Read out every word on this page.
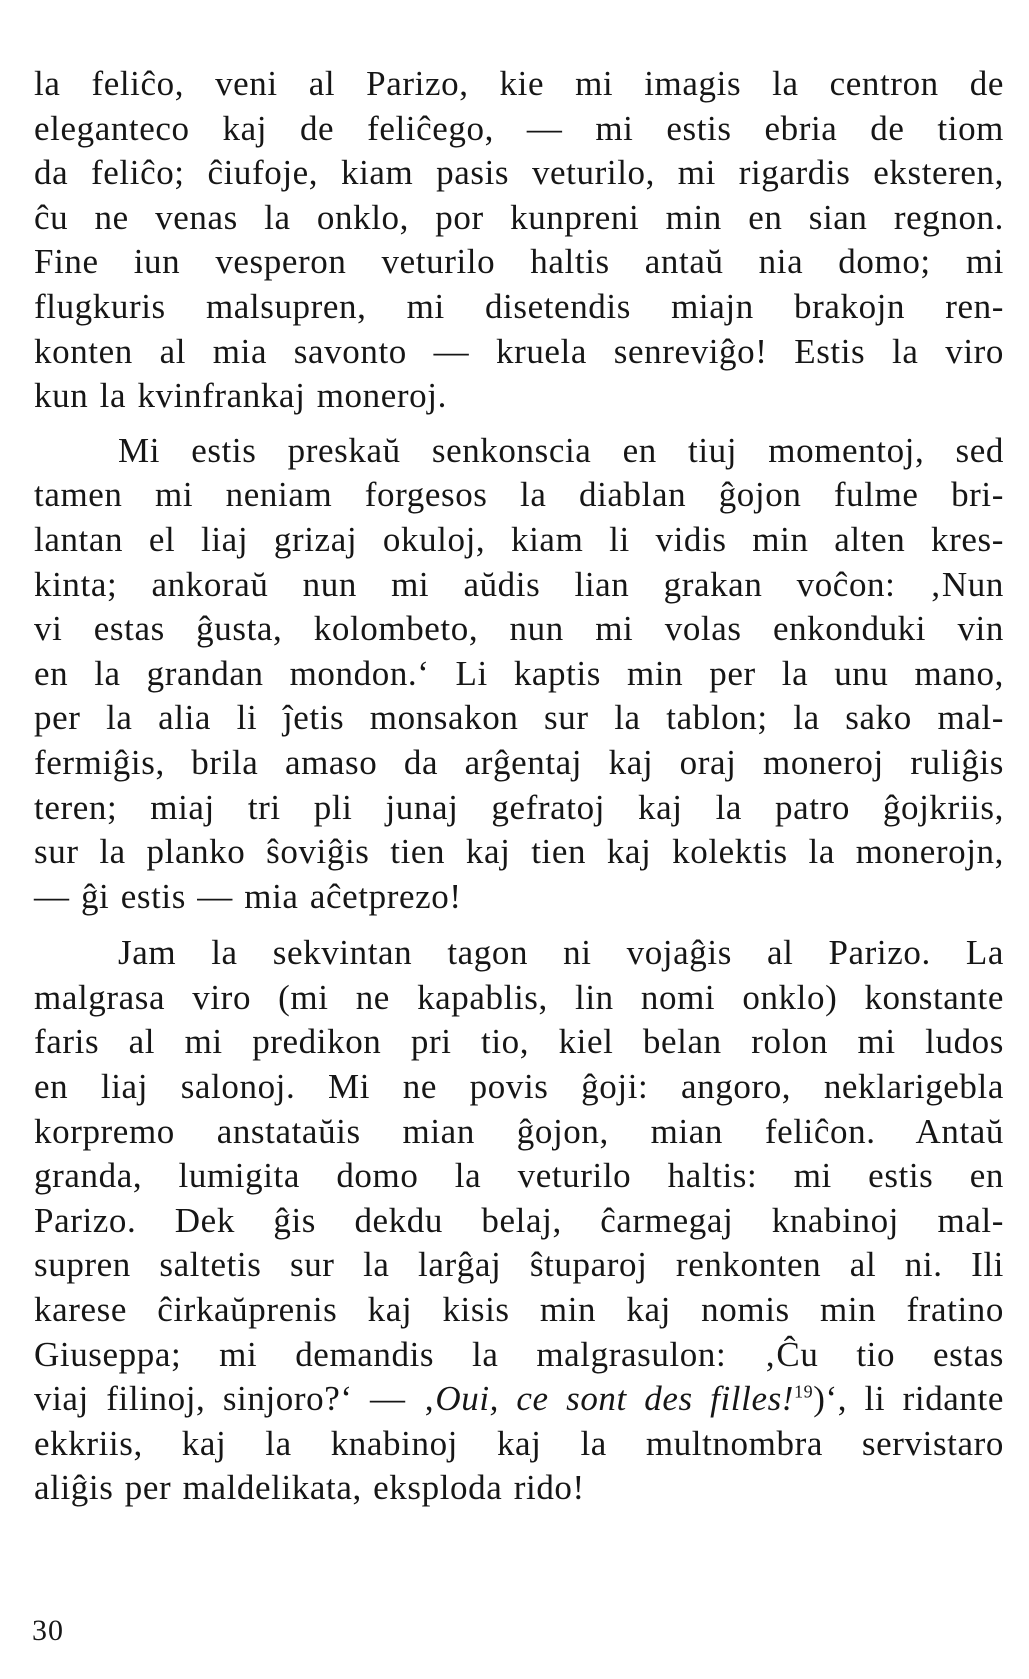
la feliĉo, veni al Parizo, kie mi imagis la centron de
eleganteco kaj de feliĉego, — mi estis ebria de tiom
da feliĉo; ĉiufoje, kiam pasis veturilo, mi rigardis eksteren,
ĉu ne venas la onklo, por kunpreni min en sian regnon.
Fine iun vesperon veturilo haltis antaŭ nia domo; mi
flugkuris malsupren, mi disetendis miajn brakojn ren-
konten al mia savonto — kruela senreviĝo! Estis la viro
kun la kvinfrankaj moneroj.

Mi estis preskaŭ senkonscia en tiuj momentoj, sed
tamen mi neniam forgesos la diablan ĝojon fulme bri-
lantan el liaj grizaj okuloj, kiam li vidis min alten kres-
kinta; ankoraŭ nun mi aŭdis lian grakan voĉon: ‚Nun
vi estas ĝusta, kolombeto, nun mi volas enkonduki vin
en la grandan mondon.‘ Li kaptis min per la unu mano,
per la alia li ĵetis monsakon sur la tablon; la sako mal-
fermiĝis, brila amaso da arĝentaj kaj oraj moneroj ruliĝis
teren; miaj tri pli junaj gefratoj kaj la patro ĝojkriis,
sur la planko ŝoviĝis tien kaj tien kaj kolektis la monerojn,
— ĝi estis — mia aĉetprezo!

Jam la sekvintan tagon ni vojaĝis al Parizo. La
malgrasa viro (mi ne kapablis, lin nomi onklo) konstante
faris al mi predikon pri tio, kiel belan rolon mi ludos
en liaj salonoj. Mi ne povis ĝoji: angoro, neklarigebla
korpremo anstataŭis mian ĝojon, mian feliĉon. Antaŭ
granda, lumigita domo la veturilo haltis: mi estis en
Parizo. Dek ĝis dekdu belaj, ĉarmegaj knabinoj mal-
supren saltetis sur la larĝaj ŝtuparoj renkonten al ni. Ili
karese ĉirkaŭprenis kaj kisis min kaj nomis min fratino
Giuseppa; mi demandis la malgrasulon: ‚Ĉu tio estas
viaj filinoj, sinjoro?‘ — ‚Oui, ce sont des filles!$^{19}$)‘, li ridante
ekkriis, kaj la knabinoj kaj la multnombra servistaro
aliĝis per maldelikata, eksploda rido!

30
